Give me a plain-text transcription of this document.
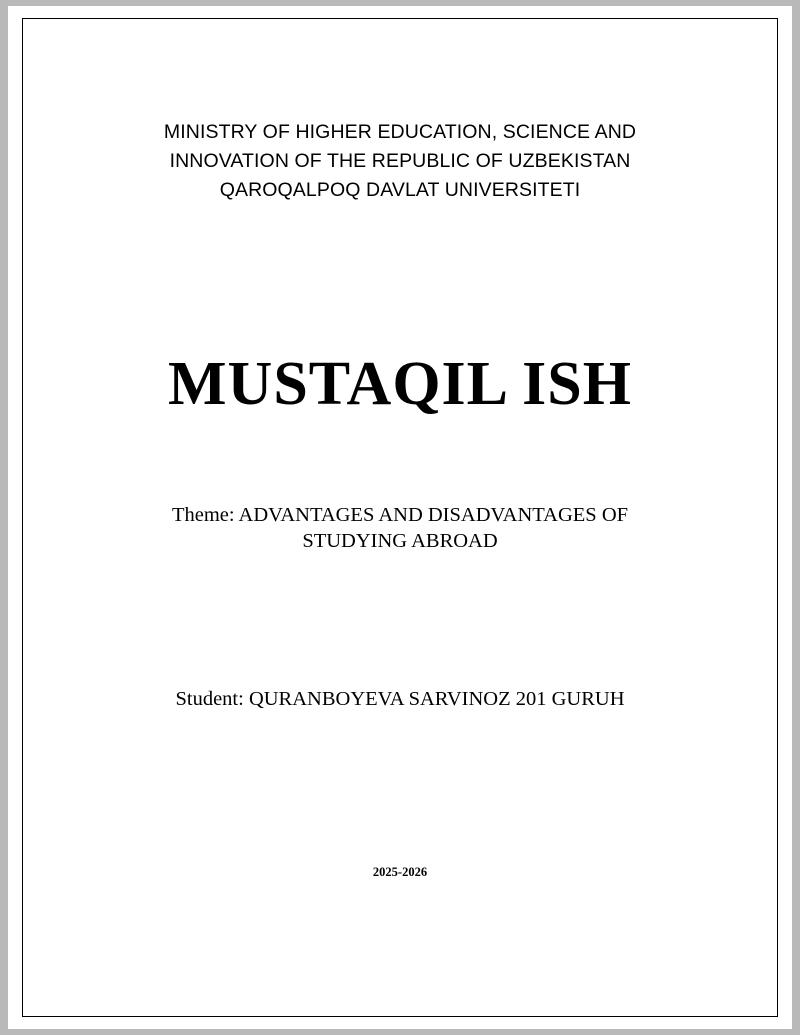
MINISTRY OF HIGHER EDUCATION, SCIENCE AND
INNOVATION OF THE REPUBLIC OF UZBEKISTAN
QAROQALPOQ DAVLAT UNIVERSITETI
MUSTAQIL ISH
Theme: ADVANTAGES AND DISADVANTAGES OF STUDYING ABROAD
Student: QURANBOYEVA SARVINOZ 201 GURUH
2025-2026
